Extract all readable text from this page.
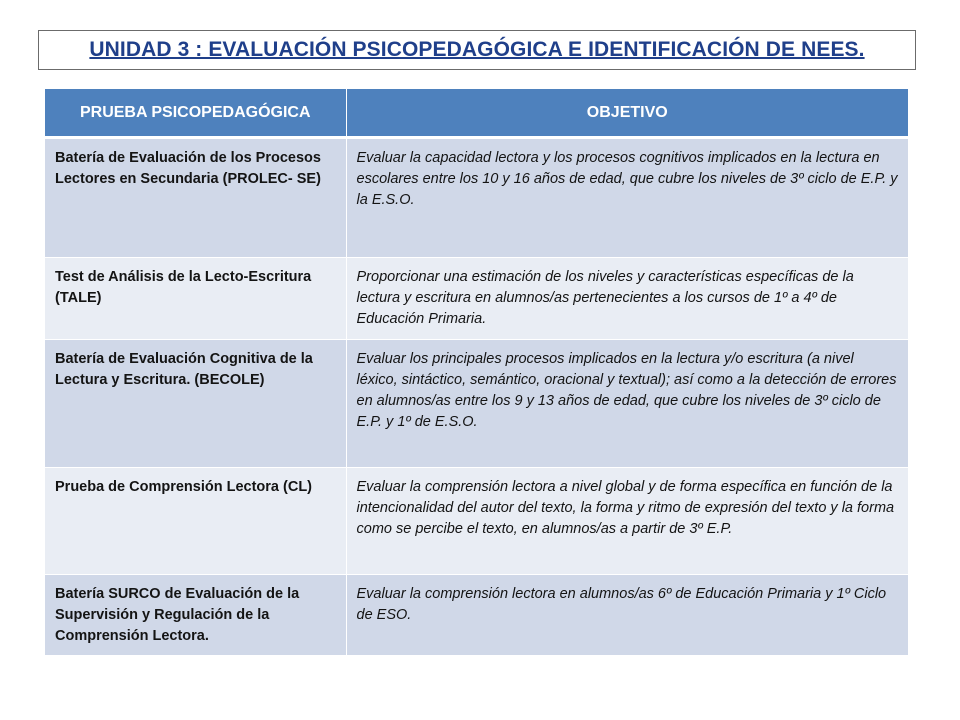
UNIDAD 3 : EVALUACIÓN PSICOPEDAGÓGICA E IDENTIFICACIÓN DE NEES.
PRUEBA PSICOPEDAGÓGICA	OBJETIVO
Batería de Evaluación de los Procesos Lectores en Secundaria (PROLEC- SE)	Evaluar la capacidad lectora y los procesos cognitivos implicados en la lectura en escolares entre los 10 y 16 años de edad, que cubre los niveles de 3º ciclo de E.P. y la E.S.O.
Test de Análisis de la Lecto-Escritura (TALE)	Proporcionar una estimación de los niveles y características específicas de la lectura y escritura en alumnos/as pertenecientes a los cursos de 1º a 4º de Educación Primaria.
Batería de Evaluación Cognitiva de la Lectura y Escritura. (BECOLE)	Evaluar los principales procesos implicados en la lectura y/o escritura (a nivel léxico, sintáctico, semántico, oracional y textual); así como a la detección de errores en alumnos/as entre los 9 y 13 años de edad, que cubre los niveles de 3º ciclo de E.P. y 1º de E.S.O.
Prueba de Comprensión Lectora (CL)	Evaluar la comprensión lectora a nivel global y de forma específica en función de la intencionalidad del autor del texto, la forma y ritmo de expresión del texto y la forma como se percibe el texto, en alumnos/as a partir de 3º E.P.
Batería SURCO de Evaluación de la Supervisión y Regulación de la Comprensión Lectora.	Evaluar la comprensión lectora en alumnos/as 6º de Educación Primaria y 1º Ciclo de ESO.
